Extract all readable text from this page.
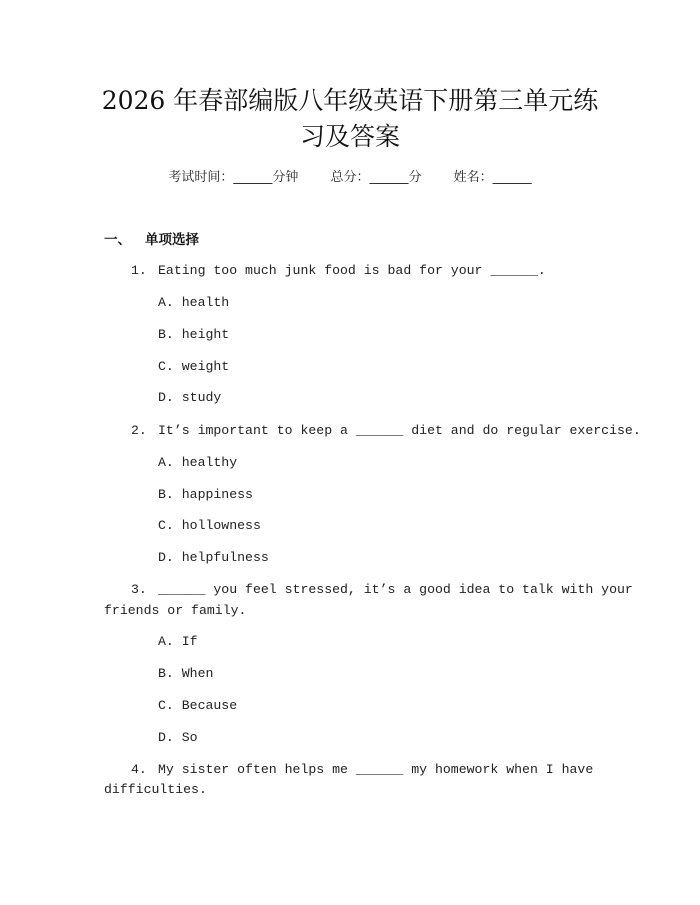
2026 年春部编版八年级英语下册第三单元练
习及答案
考试时间：______分钟 总分：______分 姓名：______
一、 单项选择
1. Eating too much junk food is bad for your ______.
A. health
B. height
C. weight
D. study
2. It’s important to keep a ______ diet and do regular exercise.
A. healthy
B. happiness
C. hollowness
D. helpfulness
3. ______ you feel stressed, it’s a good idea to talk with your
friends or family.
A. If
B. When
C. Because
D. So
4. My sister often helps me ______ my homework when I have
difficulties.
